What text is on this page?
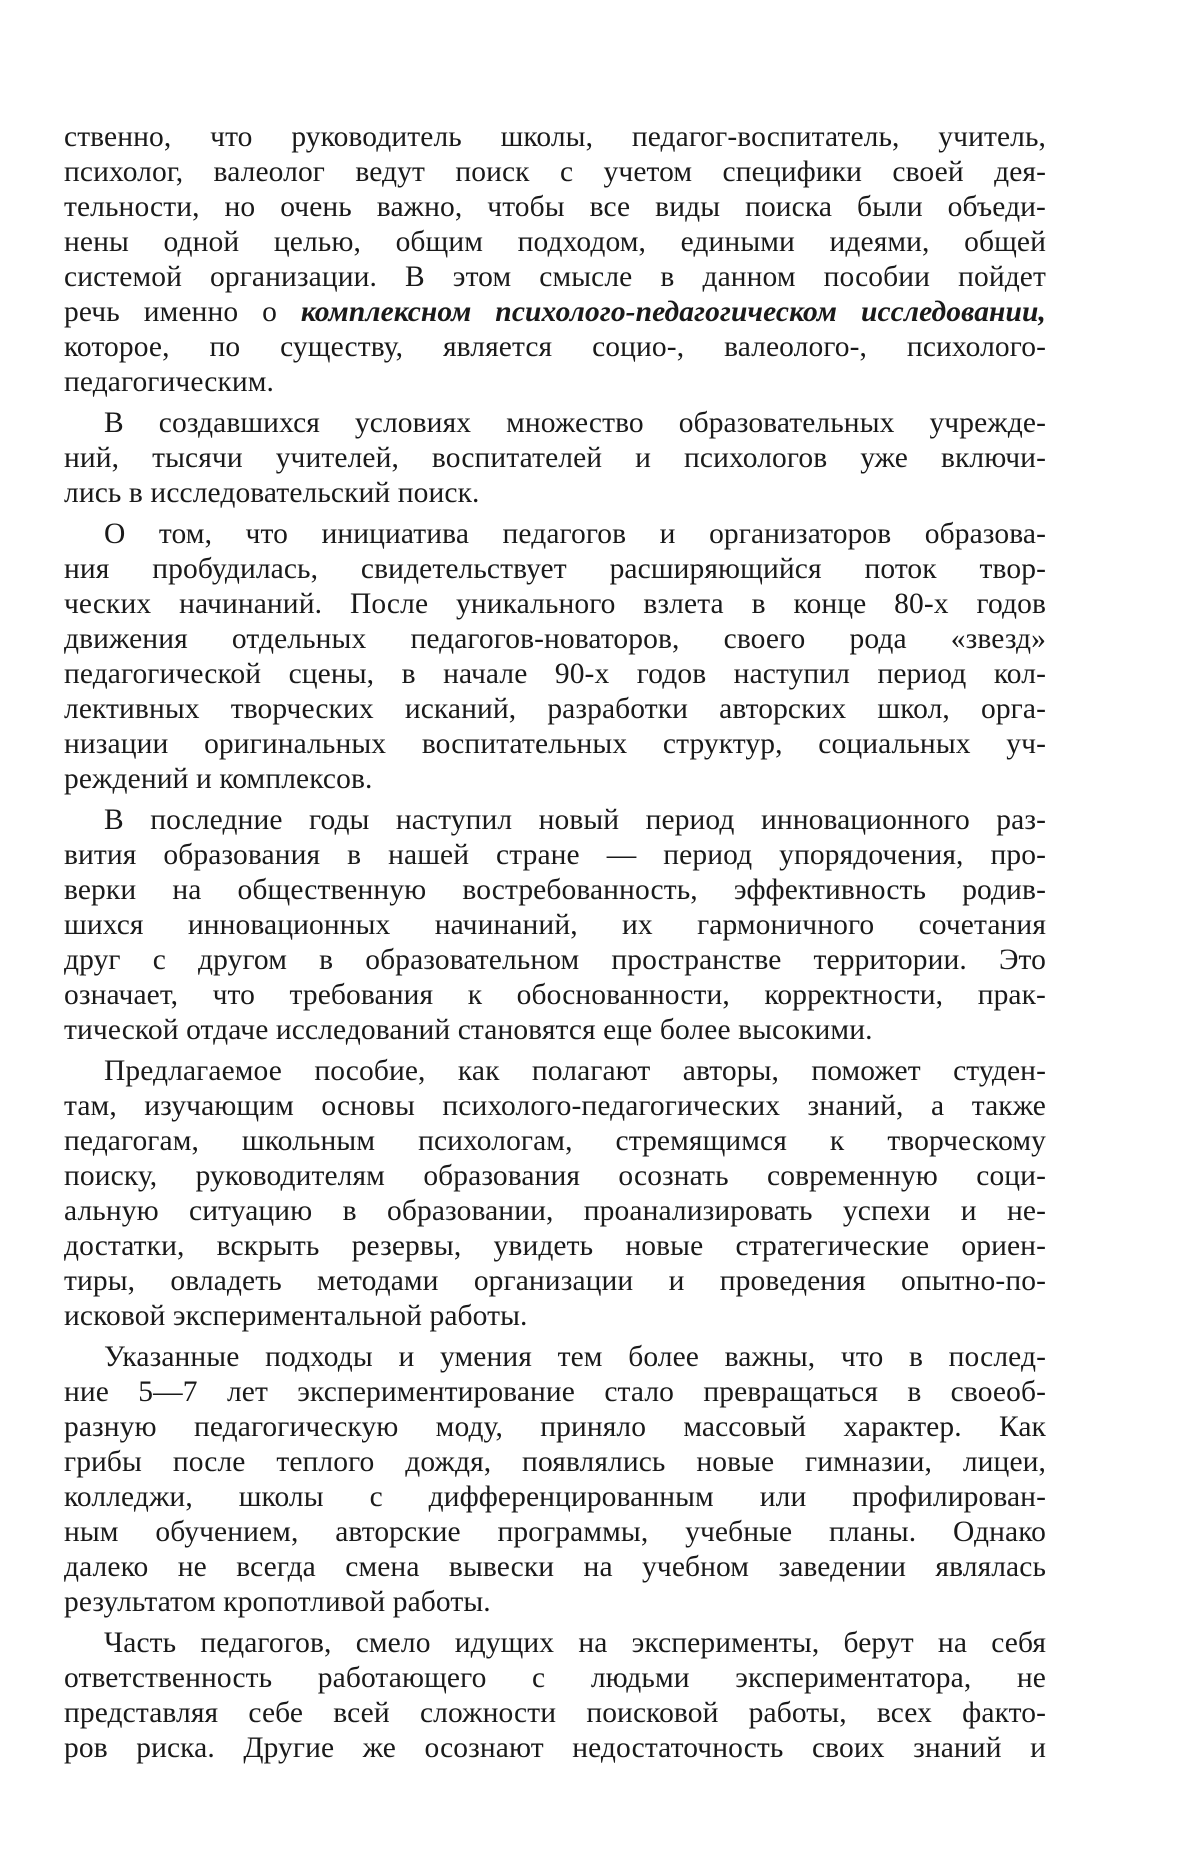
ственно, что руководитель школы, педагог-воспитатель, учитель,
психолог, валеолог ведут поиск с учетом специфики своей дея-
тельности, но очень важно, чтобы все виды поиска были объеди-
нены одной целью, общим подходом, едиными идеями, общей
системой организации. В этом смысле в данном пособии пойдет
речь именно о комплексном психолого-педагогическом исследовании,
которое, по существу, является социо-, валеолого-, психолого-
педагогическим.
В создавшихся условиях множество образовательных учрежде-
ний, тысячи учителей, воспитателей и психологов уже включи-
лись в исследовательский поиск.
О том, что инициатива педагогов и организаторов образова-
ния пробудилась, свидетельствует расширяющийся поток твор-
ческих начинаний. После уникального взлета в конце 80-х годов
движения отдельных педагогов-новаторов, своего рода «звезд»
педагогической сцены, в начале 90-х годов наступил период кол-
лективных творческих исканий, разработки авторских школ, орга-
низации оригинальных воспитательных структур, социальных уч-
реждений и комплексов.
В последние годы наступил новый период инновационного раз-
вития образования в нашей стране — период упорядочения, про-
верки на общественную востребованность, эффективность родив-
шихся инновационных начинаний, их гармоничного сочетания
друг с другом в образовательном пространстве территории. Это
означает, что требования к обоснованности, корректности, прак-
тической отдаче исследований становятся еще более высокими.
Предлагаемое пособие, как полагают авторы, поможет студен-
там, изучающим основы психолого-педагогических знаний, а также
педагогам, школьным психологам, стремящимся к творческому
поиску, руководителям образования осознать современную соци-
альную ситуацию в образовании, проанализировать успехи и не-
достатки, вскрыть резервы, увидеть новые стратегические ориен-
тиры, овладеть методами организации и проведения опытно-по-
исковой экспериментальной работы.
Указанные подходы и умения тем более важны, что в послед-
ние 5—7 лет экспериментирование стало превращаться в своеоб-
разную педагогическую моду, приняло массовый характер. Как
грибы после теплого дождя, появлялись новые гимназии, лицеи,
колледжи, школы с дифференцированным или профилирован-
ным обучением, авторские программы, учебные планы. Однако
далеко не всегда смена вывески на учебном заведении являлась
результатом кропотливой работы.
Часть педагогов, смело идущих на эксперименты, берут на себя
ответственность работающего с людьми экспериментатора, не
представляя себе всей сложности поисковой работы, всех факто-
ров риска. Другие же осознают недостаточность своих знаний и
